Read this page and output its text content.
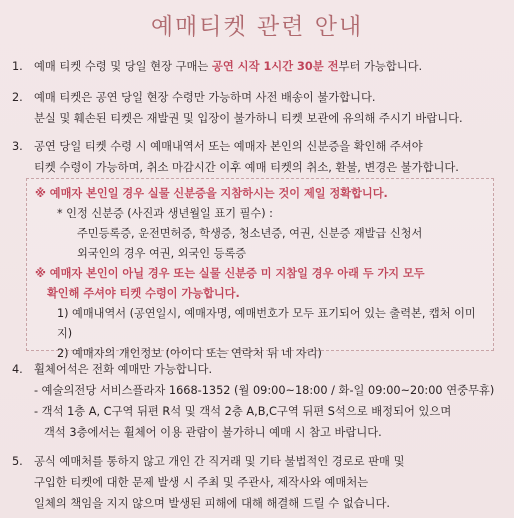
예매티켓 관련 안내
1. 예매 티켓 수령 및 당일 현장 구매는 공연 시작 1시간 30분 전부터 가능합니다.
2. 예매 티켓은 공연 당일 현장 수령만 가능하며 사전 배송이 불가합니다.
분실 및 훼손된 티켓은 재발권 및 입장이 불가하니 티켓 보관에 유의해 주시기 바랍니다.
3. 공연 당일 티켓 수령 시 예매내역서 또는 예매자 본인의 신분증을 확인해 주셔야
티켓 수령이 가능하며, 취소 마감시간 이후 예매 티켓의 취소, 환불, 변경은 불가합니다.
※ 예매자 본인일 경우 실물 신분증을 지참하시는 것이 제일 정확합니다.
* 인정 신분증 (사진과 생년월일 표기 필수) :
주민등록증, 운전면허증, 학생증, 청소년증, 여권, 신분증 재발급 신청서
외국인의 경우 여권, 외국인 등록증
※ 예매자 본인이 아닐 경우 또는 실물 신분증 미 지참일 경우 아래 두 가지 모두
확인해 주셔야 티켓 수령이 가능합니다.
1) 예매내역서 (공연일시, 예매자명, 예매번호가 모두 표기되어 있는 출력본, 캡처 이미지)
2) 예매자의 개인정보 (아이디 또는 연락처 뒤 네 자리)
4. 휠체어석은 전화 예매만 가능합니다.
- 예술의전당 서비스플라자 1668-1352 (월 09:00~18:00 / 화-일 09:00~20:00 연중무휴)
- 객석 1층 A, C구역 뒤편 R석 및 객석 2층 A,B,C구역 뒤편 S석으로 배정되어 있으며
객석 3층에서는 휠체어 이용 관람이 불가하니 예매 시 참고 바랍니다.
5. 공식 예매처를 통하지 않고 개인 간 직거래 및 기타 불법적인 경로로 판매 및
구입한 티켓에 대한 문제 발생 시 주최 및 주관사, 제작사와 예매처는
일체의 책임을 지지 않으며 발생된 피해에 대해 해결해 드릴 수 없습니다.
